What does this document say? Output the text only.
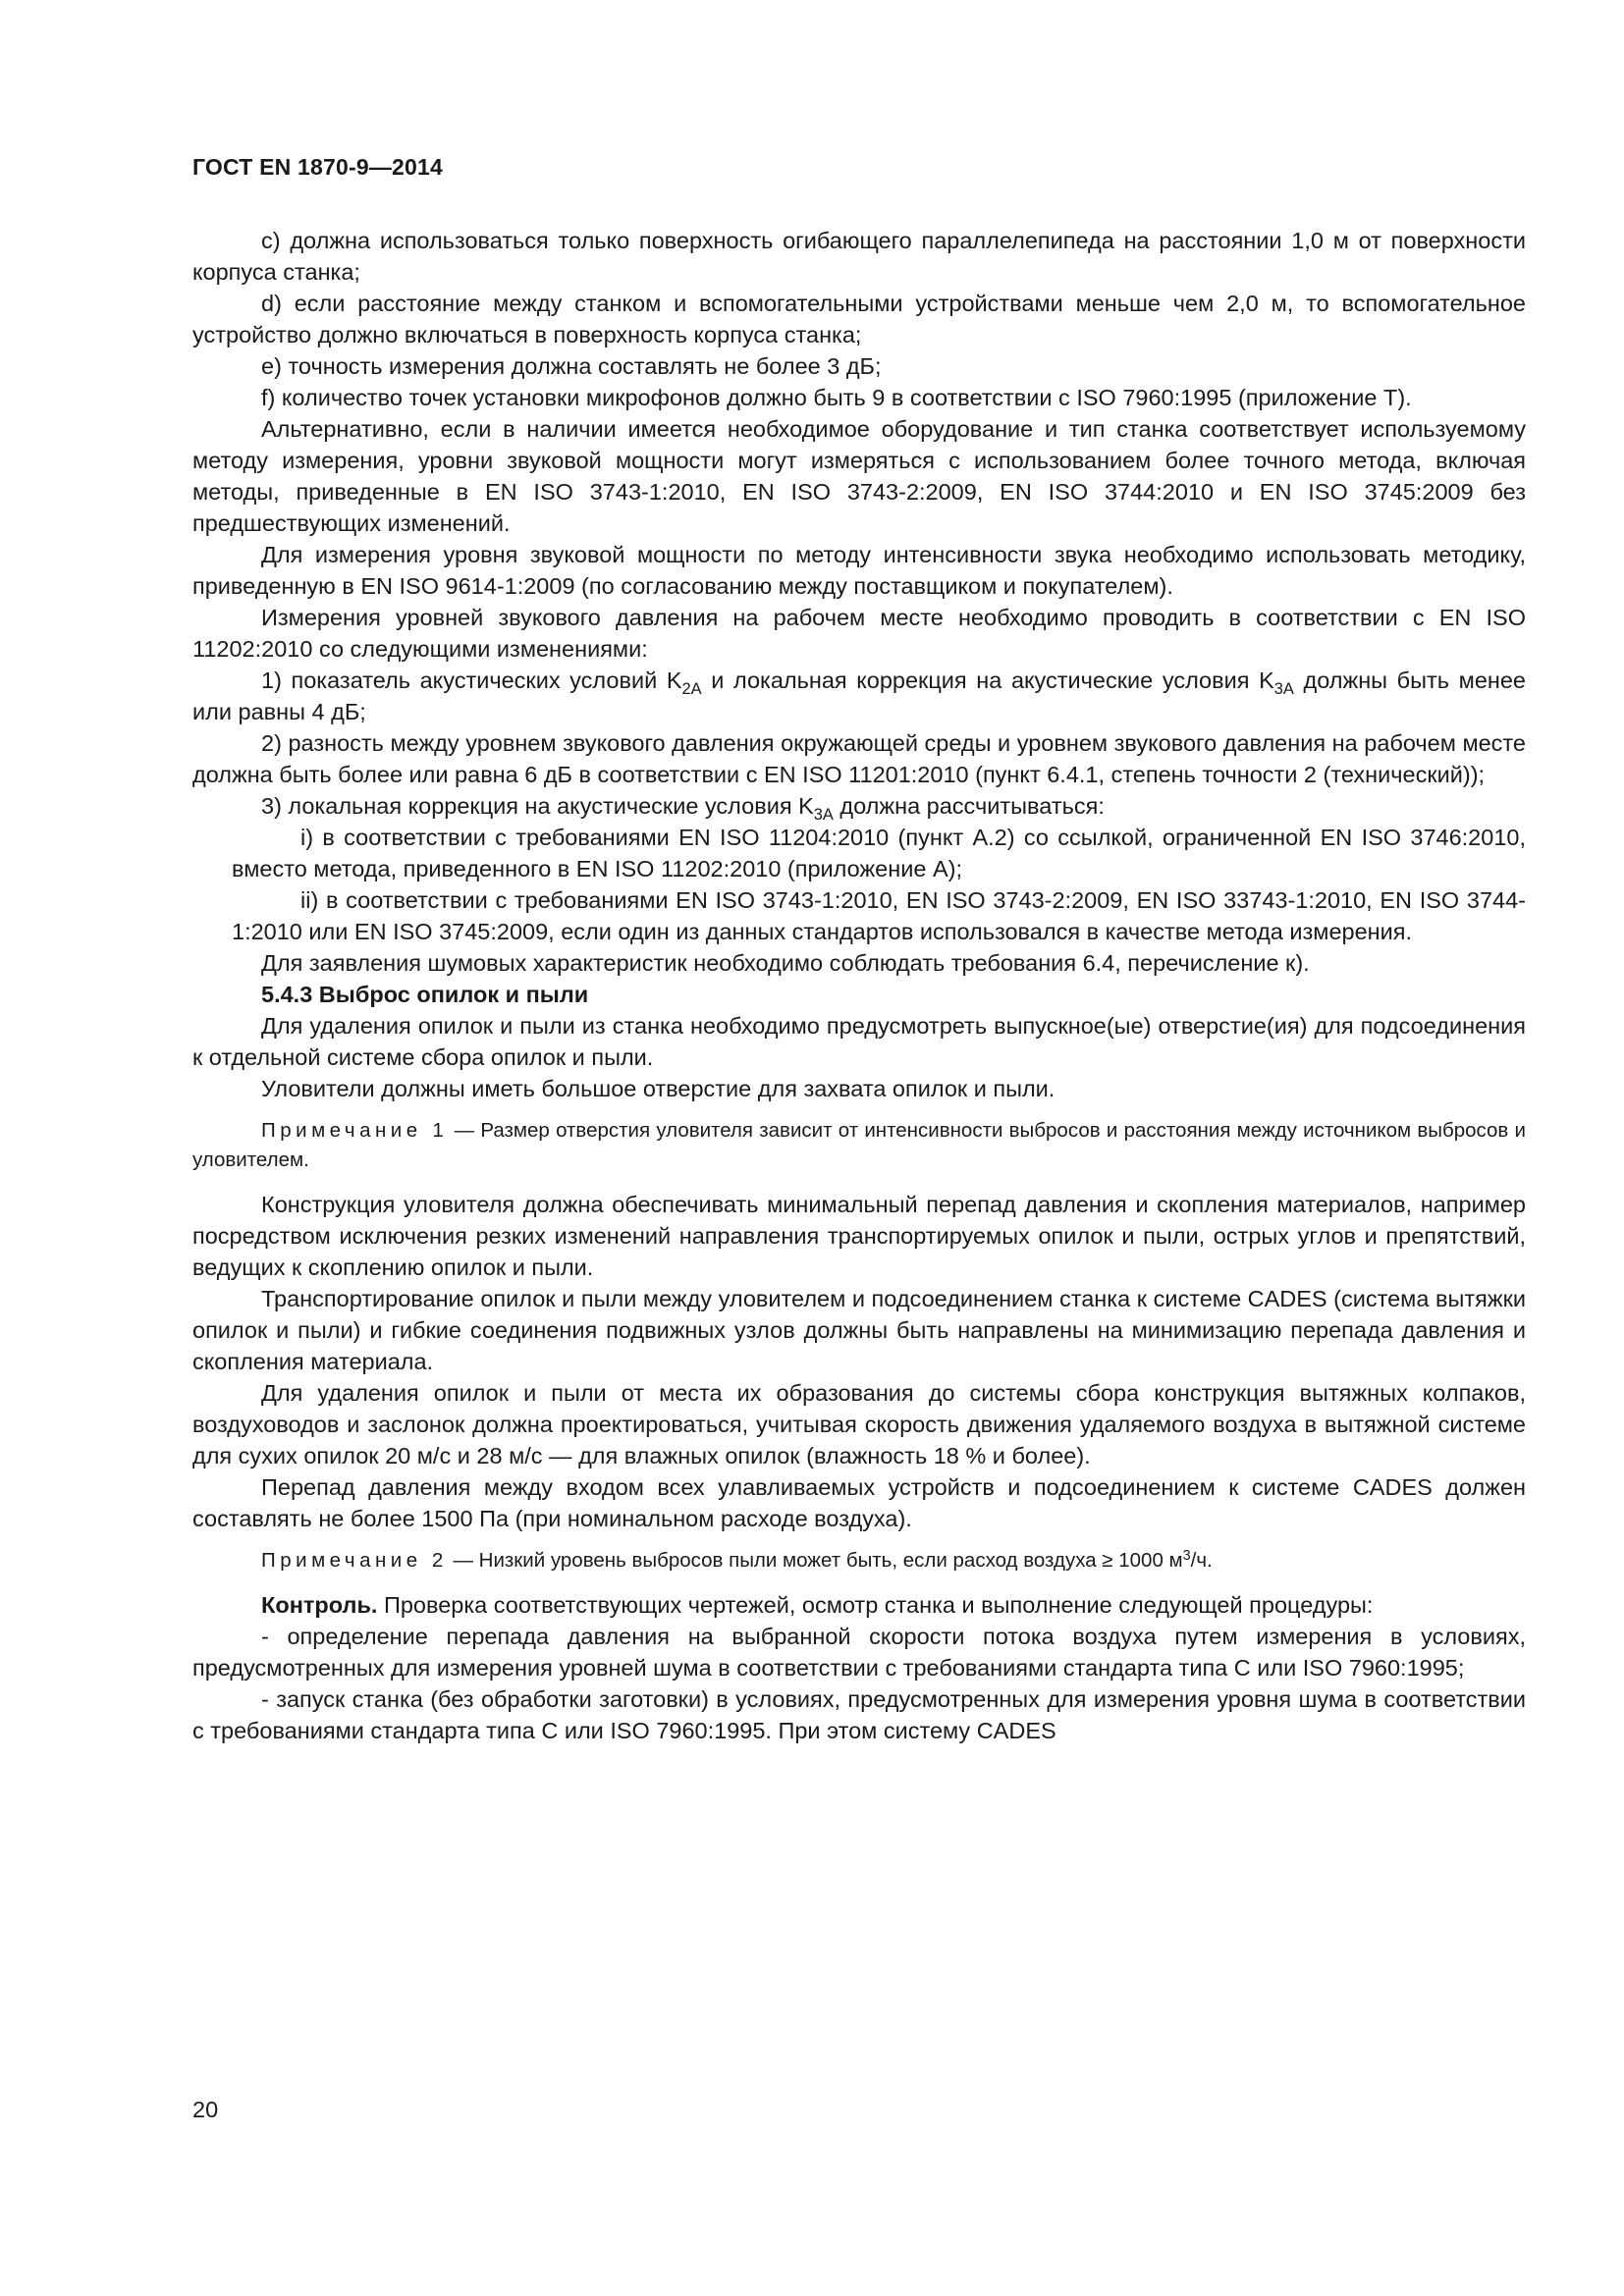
ГОСТ EN 1870-9—2014

с) должна использоваться только поверхность огибающего параллелепипеда на расстоянии 1,0 м от поверхности корпуса станка;

d) если расстояние между станком и вспомогательными устройствами меньше чем 2,0 м, то вспомогательное устройство должно включаться в поверхность корпуса станка;

е) точность измерения должна составлять не более 3 дБ;

f) количество точек установки микрофонов должно быть 9 в соответствии с ISO 7960:1995 (приложение Т).

Альтернативно, если в наличии имеется необходимое оборудование и тип станка соответствует используемому методу измерения, уровни звуковой мощности могут измеряться с использованием более точного метода, включая методы, приведенные в EN ISO 3743-1:2010, EN ISO 3743-2:2009, EN ISO 3744:2010 и EN ISO 3745:2009 без предшествующих изменений.

Для измерения уровня звуковой мощности по методу интенсивности звука необходимо использовать методику, приведенную в EN ISO 9614-1:2009 (по согласованию между поставщиком и покупателем).

Измерения уровней звукового давления на рабочем месте необходимо проводить в соответствии с EN ISO 11202:2010 со следующими изменениями:

1) показатель акустических условий $K_{2A}$ и локальная коррекция на акустические условия $K_{3A}$ должны быть менее или равны 4 дБ;

2) разность между уровнем звукового давления окружающей среды и уровнем звукового давления на рабочем месте должна быть более или равна 6 дБ в соответствии с EN ISO 11201:2010 (пункт 6.4.1, степень точности 2 (технический));

3) локальная коррекция на акустические условия $K_{3A}$ должна рассчитываться:

i) в соответствии с требованиями EN ISO 11204:2010 (пункт А.2) со ссылкой, ограниченной EN ISO 3746:2010, вместо метода, приведенного в EN ISO 11202:2010 (приложение А);

ii) в соответствии с требованиями EN ISO 3743-1:2010, EN ISO 3743-2:2009, EN ISO 33743-1:2010, EN ISO 3744-1:2010 или EN ISO 3745:2009, если один из данных стандартов использовался в качестве метода измерения.

Для заявления шумовых характеристик необходимо соблюдать требования 6.4, перечисление к).

5.4.3 Выброс опилок и пыли

Для удаления опилок и пыли из станка необходимо предусмотреть выпускное(ые) отверстие(ия) для подсоединения к отдельной системе сбора опилок и пыли.

Уловители должны иметь большое отверстие для захвата опилок и пыли.

Примечание 1 — Размер отверстия уловителя зависит от интенсивности выбросов и расстояния между источником выбросов и уловителем.

Конструкция уловителя должна обеспечивать минимальный перепад давления и скопления материалов, например посредством исключения резких изменений направления транспортируемых опилок и пыли, острых углов и препятствий, ведущих к скоплению опилок и пыли.

Транспортирование опилок и пыли между уловителем и подсоединением станка к системе CADES (система вытяжки опилок и пыли) и гибкие соединения подвижных узлов должны быть направлены на минимизацию перепада давления и скопления материала.

Для удаления опилок и пыли от места их образования до системы сбора конструкция вытяжных колпаков, воздуховодов и заслонок должна проектироваться, учитывая скорость движения удаляемого воздуха в вытяжной системе для сухих опилок 20 м/с и 28 м/с — для влажных опилок (влажность 18 % и более).

Перепад давления между входом всех улавливаемых устройств и подсоединением к системе CADES должен составлять не более 1500 Па (при номинальном расходе воздуха).

Примечание 2 — Низкий уровень выбросов пыли может быть, если расход воздуха ≥ 1000 $м^3/ч$.

Контроль. Проверка соответствующих чертежей, осмотр станка и выполнение следующей процедуры:

- определение перепада давления на выбранной скорости потока воздуха путем измерения в условиях, предусмотренных для измерения уровней шума в соответствии с требованиями стандарта типа С или ISO 7960:1995;

- запуск станка (без обработки заготовки) в условиях, предусмотренных для измерения уровня шума в соответствии с требованиями стандарта типа С или ISO 7960:1995. При этом систему CADES

20
